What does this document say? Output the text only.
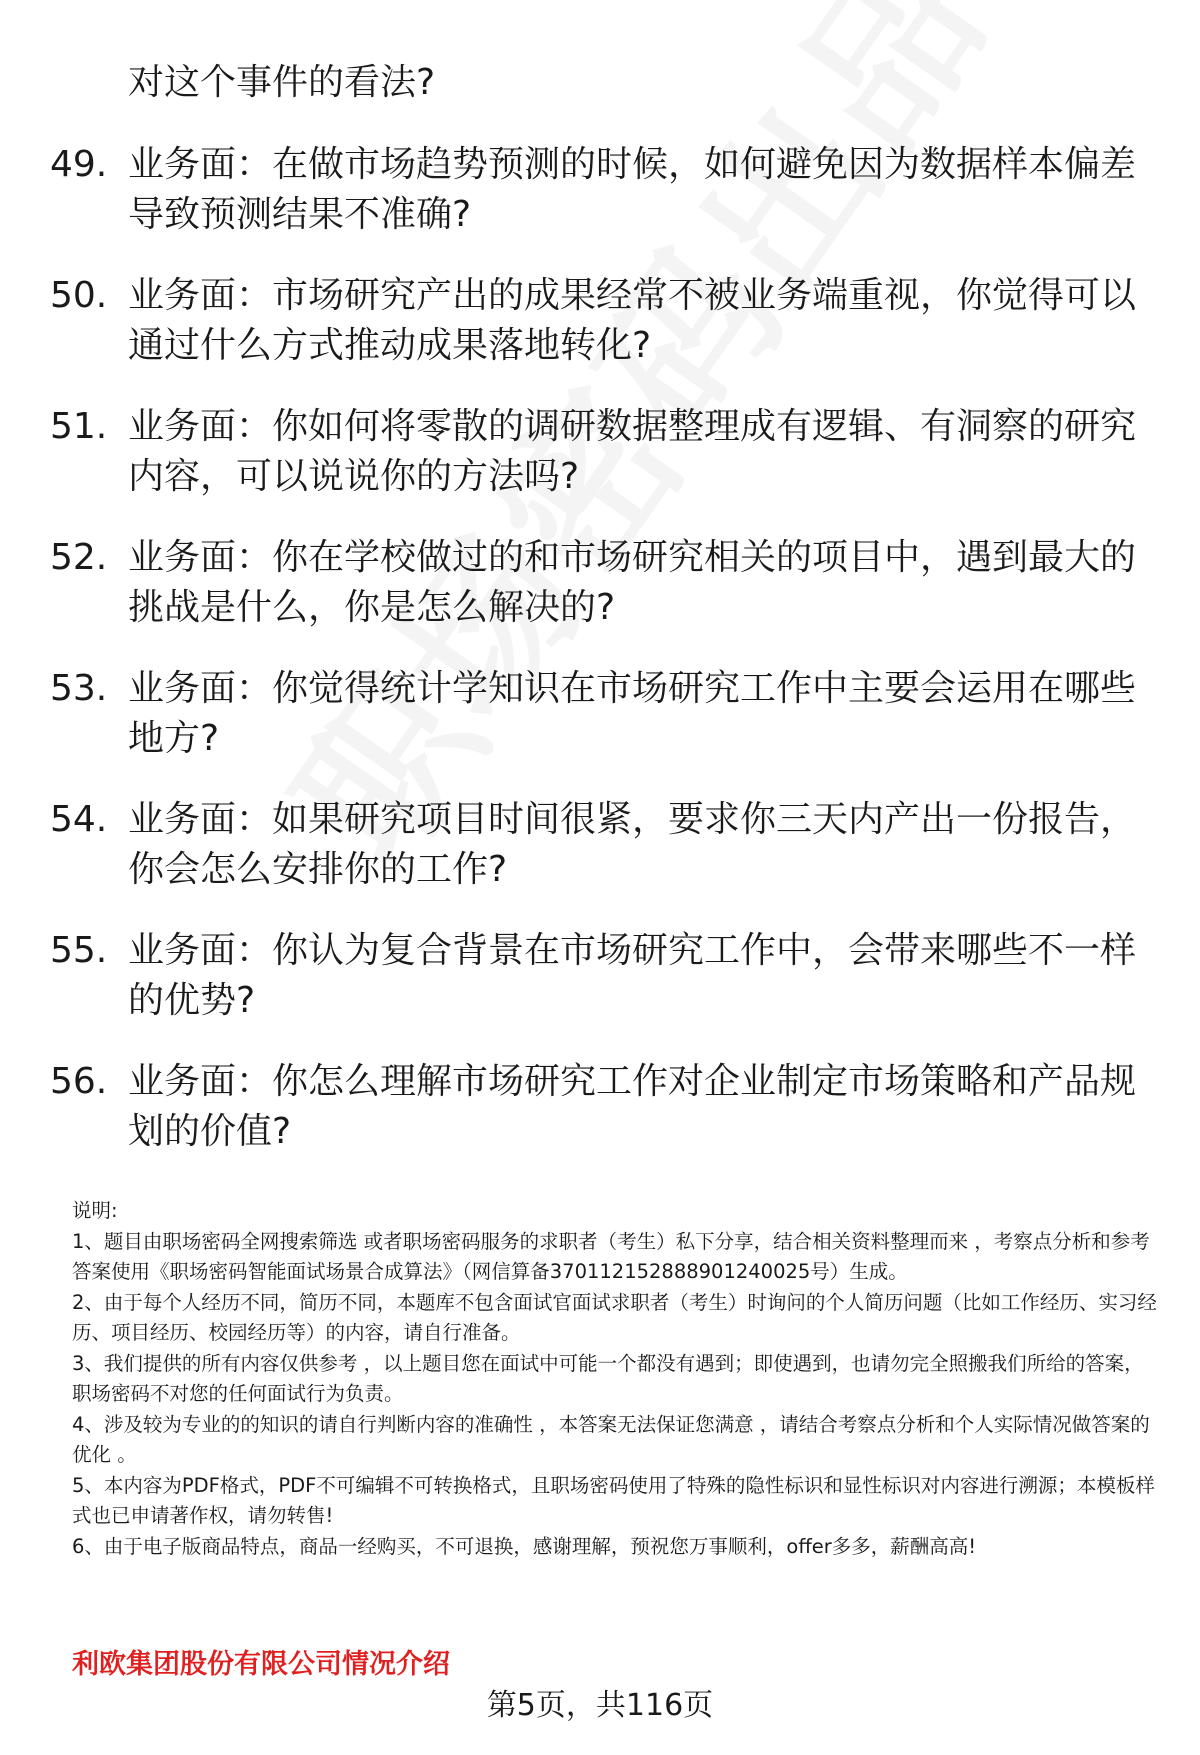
对这个事件的看法?
49. 业务面：在做市场趋势预测的时候，如何避免因为数据样本偏差导致预测结果不准确?
50. 业务面：市场研究产出的成果经常不被业务端重视，你觉得可以通过什么方式推动成果落地转化?
51. 业务面：你如何将零散的调研数据整理成有逻辑、有洞察的研究内容，可以说说你的方法吗?
52. 业务面：你在学校做过的和市场研究相关的项目中，遇到最大的挑战是什么，你是怎么解决的?
53. 业务面：你觉得统计学知识在市场研究工作中主要会运用在哪些地方?
54. 业务面：如果研究项目时间很紧，要求你三天内产出一份报告，你会怎么安排你的工作?
55. 业务面：你认为复合背景在市场研究工作中，会带来哪些不一样的优势?
56. 业务面：你怎么理解市场研究工作对企业制定市场策略和产品规划的价值?

说明:

1、题目由职场密码全网搜索筛选 或者职场密码服务的求职者（考生）私下分享，结合相关资料整理而来 ，考察点分析和参考答案使用《职场密码智能面试场景合成算法》（网信算备370112152888901240025号）生成。

2、由于每个人经历不同，简历不同，本题库不包含面试官面试求职者（考生）时询问的个人简历问题（比如工作经历、实习经历、项目经历、校园经历等）的内容，请自行准备。

3、我们提供的所有内容仅供参考 ，以上题目您在面试中可能一个都没有遇到；即使遇到，也请勿完全照搬我们所给的答案，职场密码不对您的任何面试行为负责。

4、涉及较为专业的的知识的请自行判断内容的准确性 ，本答案无法保证您满意 ，请结合考察点分析和个人实际情况做答案的优化 。

5、本内容为PDF格式，PDF不可编辑不可转换格式，且职场密码使用了特殊的隐性标识和显性标识对内容进行溯源；本模板样式也已申请著作权，请勿转售!

6、由于电子版商品特点，商品一经购买，不可退换，感谢理解，预祝您万事顺利，offer多多，薪酬高高!

利欧集团股份有限公司情况介绍
第5页，共116页
